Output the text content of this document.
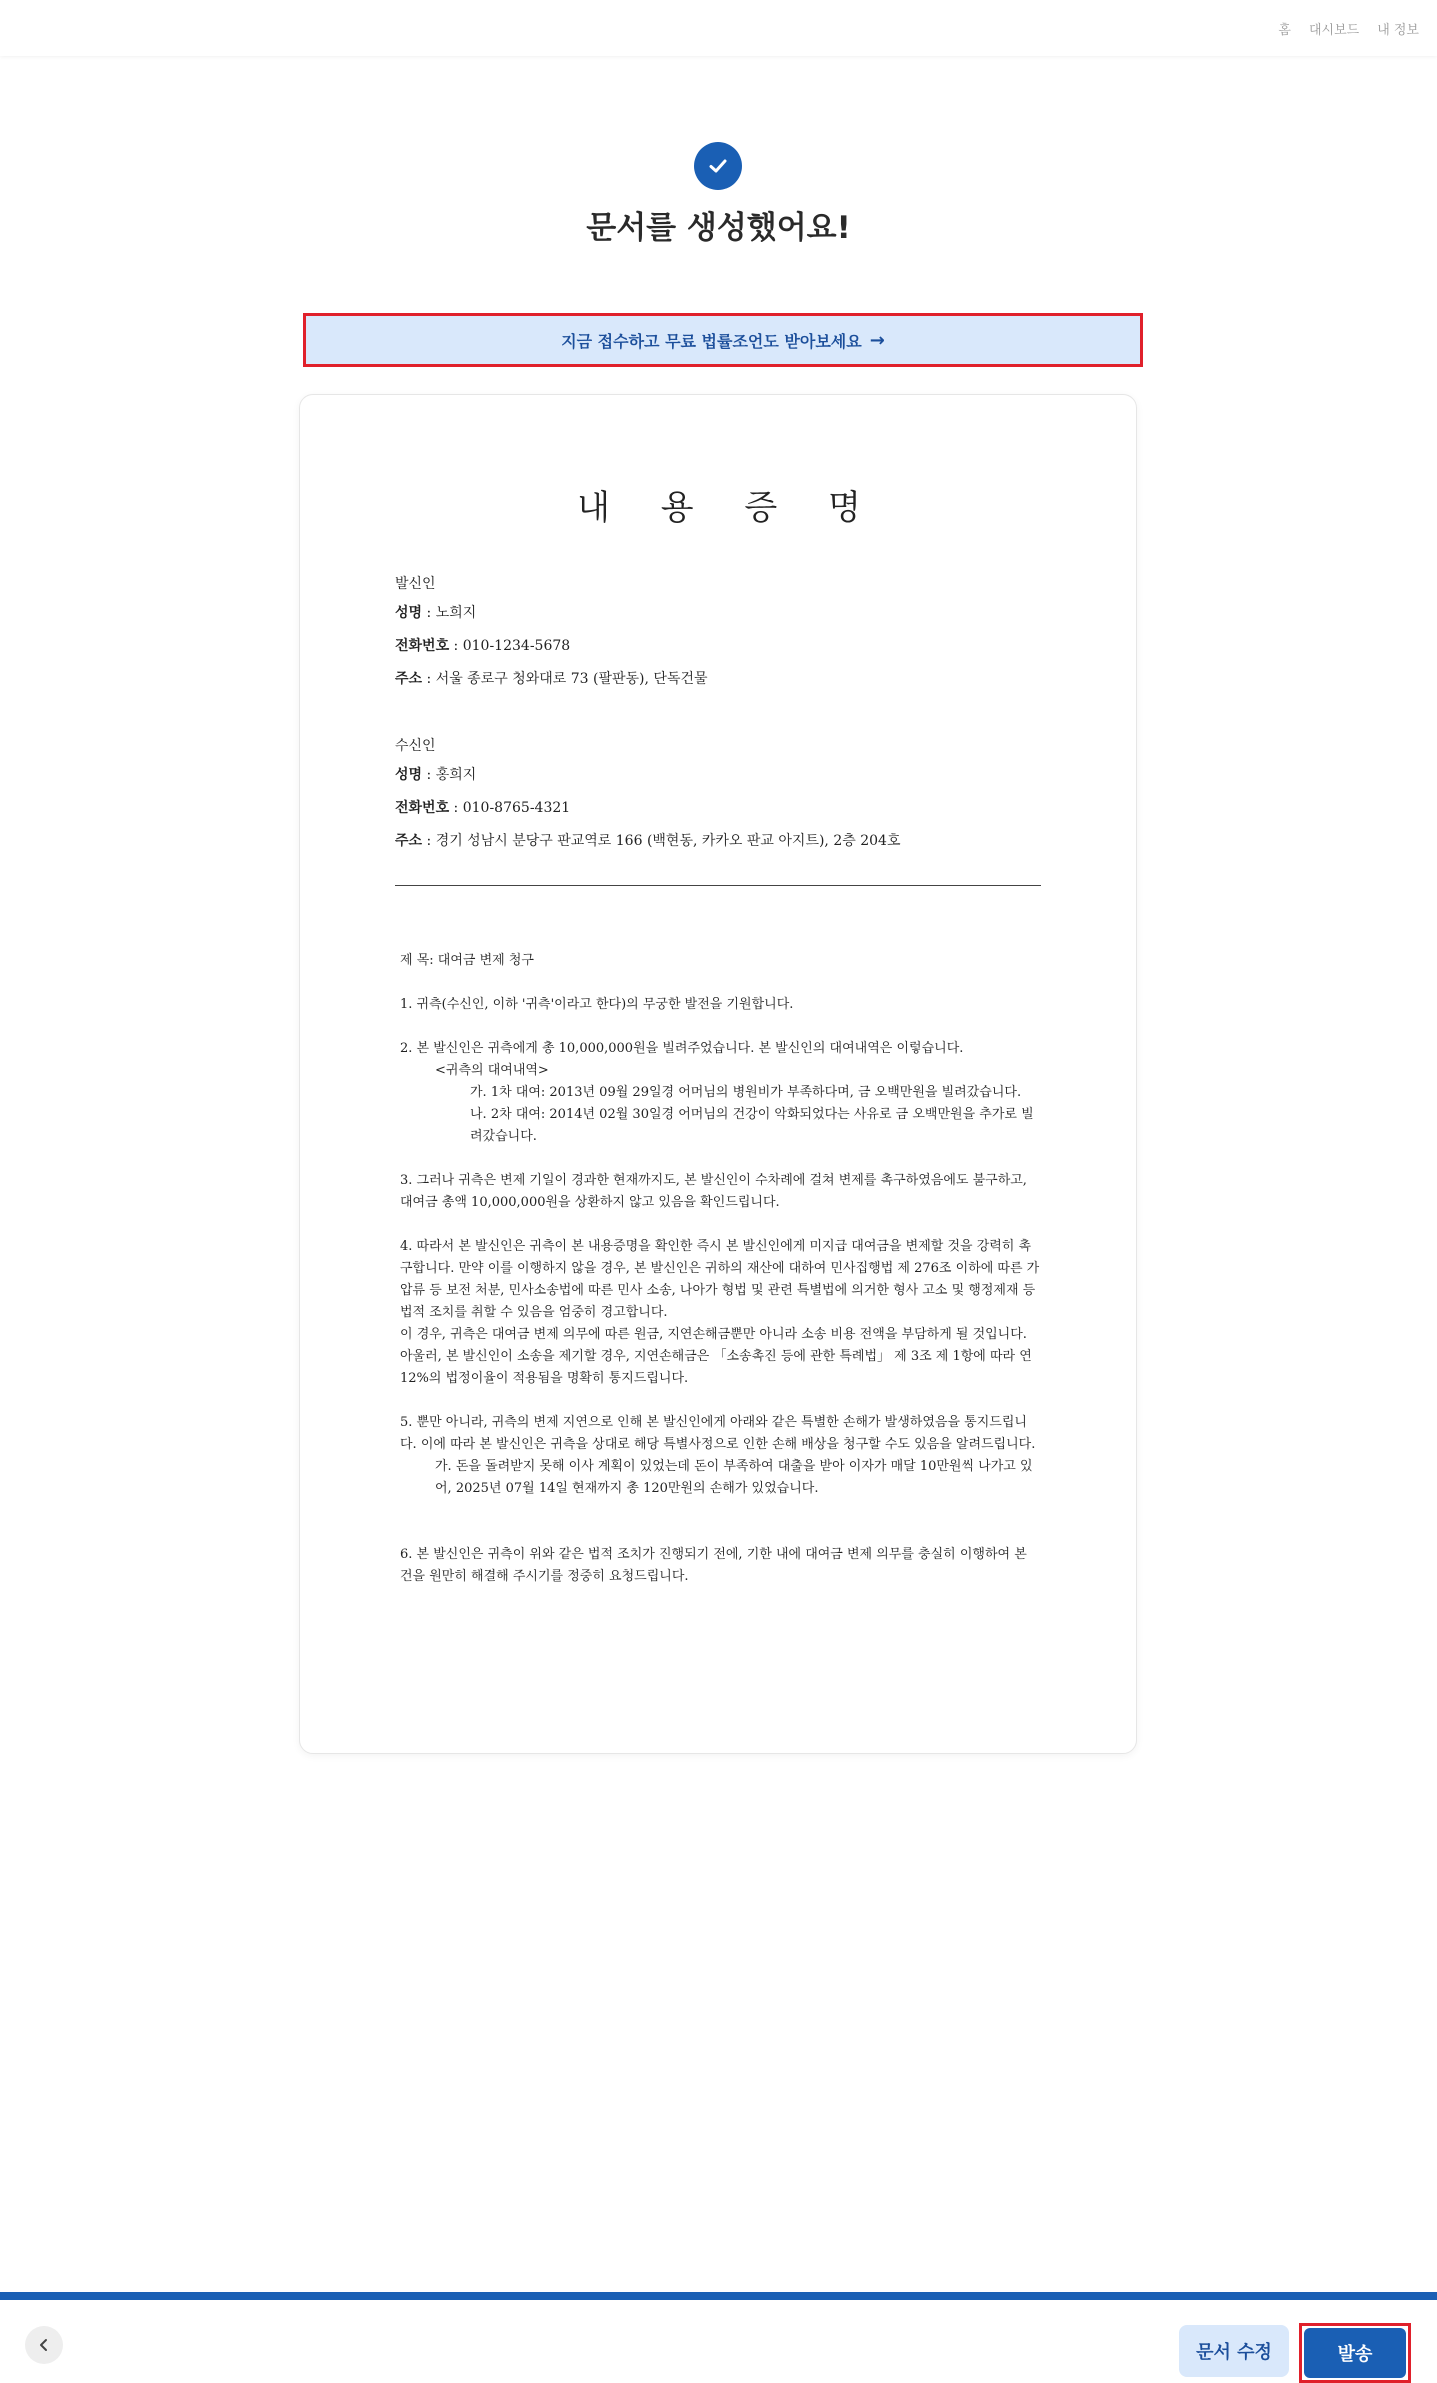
홈 대시보드 내 정보
문서를 생성했어요!
지금 접수하고 무료 법률조언도 받아보세요 →
내 용 증 명
발신인
성명 : 노희지
전화번호 : 010-1234-5678
주소 : 서울 종로구 청와대로 73 (팔판동), 단독건물
수신인
성명 : 홍희지
전화번호 : 010-8765-4321
주소 : 경기 성남시 분당구 판교역로 166 (백현동, 카카오 판교 아지트), 2층 204호

제 목: 대여금 변제 청구

1. 귀측(수신인, 이하 '귀측'이라고 한다)의 무궁한 발전을 기원합니다.

2. 본 발신인은 귀측에게 총 10,000,000원을 빌려주었습니다. 본 발신인의 대여내역은 이렇습니다.

<귀측의 대여내역>

가. 1차 대여: 2013년 09월 29일경 어머님의 병원비가 부족하다며, 금 오백만원을 빌려갔습니다.

나. 2차 대여: 2014년 02월 30일경 어머님의 건강이 악화되었다는 사유로 금 오백만원을 추가로 빌려갔습니다.

3. 그러나 귀측은 변제 기일이 경과한 현재까지도, 본 발신인이 수차례에 걸쳐 변제를 촉구하였음에도 불구하고, 대여금 총액 10,000,000원을 상환하지 않고 있음을 확인드립니다.

4. 따라서 본 발신인은 귀측이 본 내용증명을 확인한 즉시 본 발신인에게 미지급 대여금을 변제할 것을 강력히 촉구합니다. 만약 이를 이행하지 않을 경우, 본 발신인은 귀하의 재산에 대하여 민사집행법 제 276조 이하에 따른 가압류 등 보전 처분, 민사소송법에 따른 민사 소송, 나아가 형법 및 관련 특별법에 의거한 형사 고소 및 행정제재 등 법적 조치를 취할 수 있음을 엄중히 경고합니다.

이 경우, 귀측은 대여금 변제 의무에 따른 원금, 지연손해금뿐만 아니라 소송 비용 전액을 부담하게 될 것입니다. 아울러, 본 발신인이 소송을 제기할 경우, 지연손해금은 「소송촉진 등에 관한 특례법」 제 3조 제 1항에 따라 연 12%의 법정이율이 적용됨을 명확히 통지드립니다.

5. 뿐만 아니라, 귀측의 변제 지연으로 인해 본 발신인에게 아래와 같은 특별한 손해가 발생하였음을 통지드립니다. 이에 따라 본 발신인은 귀측을 상대로 해당 특별사정으로 인한 손해 배상을 청구할 수도 있음을 알려드립니다.

가. 돈을 돌려받지 못해 이사 계획이 있었는데 돈이 부족하여 대출을 받아 이자가 매달 10만원씩 나가고 있어, 2025년 07월 14일 현재까지 총 120만원의 손해가 있었습니다.

6. 본 발신인은 귀측이 위와 같은 법적 조치가 진행되기 전에, 기한 내에 대여금 변제 의무를 충실히 이행하여 본 건을 원만히 해결해 주시기를 정중히 요청드립니다.

문서 수정	발송
